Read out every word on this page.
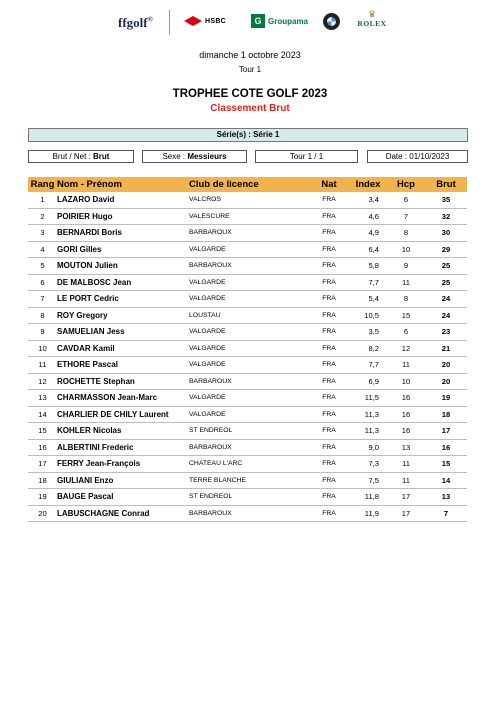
ffgolf®	HSBC	G Groupama
♛
ROLEX
dimanche 1 octobre 2023
Tour 1
TROPHEE COTE GOLF 2023
Classement Brut
Série(s) : Série 1
Brut / Net : Brut	Sexe : Messieurs	Tour 1 / 1	Date : 01/10/2023
Rang	Nom - Prénom	Club de licence	Nat	Index	Hcp	Brut
1	LAZARO David	VALCROS	FRA	3,4	6	35
2	POIRIER Hugo	VALESCURE	FRA	4,6	7	32
3	BERNARDI Boris	BARBAROUX	FRA	4,9	8	30
4	GORI Gilles	VALGARDE	FRA	6,4	10	29
5	MOUTON Julien	BARBAROUX	FRA	5,8	9	25
6	DE MALBOSC Jean	VALGARDE	FRA	7,7	11	25
7	LE PORT Cedric	VALGARDE	FRA	5,4	8	24
8	ROY Gregory	LOUSTAU	FRA	10,5	15	24
9	SAMUELIAN Jess	VALGARDE	FRA	3,5	6	23
10	CAVDAR Kamil	VALGARDE	FRA	8,2	12	21
11	ETHORE Pascal	VALGARDE	FRA	7,7	11	20
12	ROCHETTE Stephan	BARBAROUX	FRA	6,9	10	20
13	CHARMASSON Jean-Marc	VALGARDE	FRA	11,5	16	19
14	CHARLIER DE CHILY Laurent	VALGARDE	FRA	11,3	16	18
15	KOHLER Nicolas	ST ENDREOL	FRA	11,3	16	17
16	ALBERTINI Frederic	BARBAROUX	FRA	9,0	13	16
17	FERRY Jean-François	CHATEAU L'ARC	FRA	7,3	11	15
18	GIULIANI Enzo	TERRE BLANCHE	FRA	7,5	11	14
19	BAUGE Pascal	ST ENDREOL	FRA	11,8	17	13
20	LABUSCHAGNE Conrad	BARBAROUX	FRA	11,9	17	7
